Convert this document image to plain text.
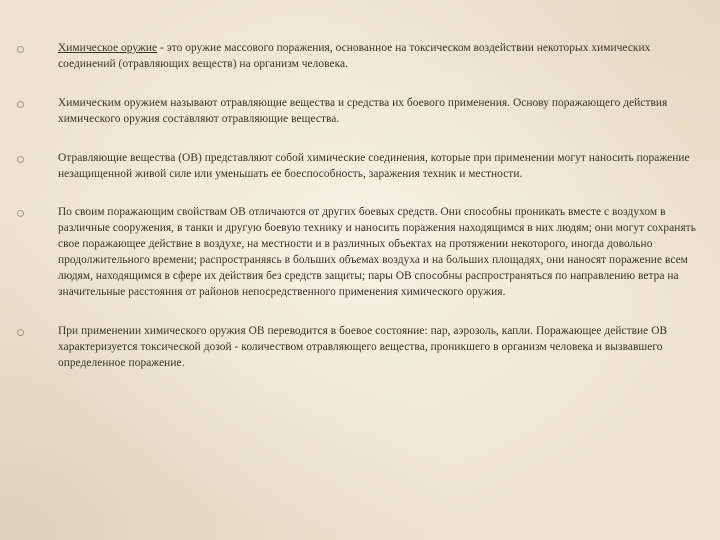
Химическое оружие - это оружие массового поражения, основанное на токсическом воздействии некоторых химических соединений (отравляющих веществ) на организм человека.
Химическим оружием называют отравляющие вещества и средства их боевого применения. Основу поражающего действия химического оружия составляют отравляющие вещества.
Отравляющие вещества (ОВ) представляют собой химические соединения, которые при применении могут наносить поражение незащищенной живой силе или уменьшать ее боеспособность, заражения техник и местности.
По своим поражающим свойствам ОВ отличаются от других боевых средств. Они способны проникать вместе с воздухом в различные сооружения, в танки и другую боевую технику и наносить поражения находящимся в них людям; они могут сохранять свое поражающее действие в воздухе, на местности и в различных объектах на протяжении некоторого, иногда довольно продолжительного времени; распространяясь в больших объемах воздуха и на больших площадях, они наносят поражение всем людям, находящимся в сфере их действия без средств защиты; пары ОВ способны распространяться по направлению ветра на значительные расстояния от районов непосредственного применения химического оружия.
При применении химического оружия ОВ переводится в боевое состояние: пар, аэрозоль, капли. Поражающее действие ОВ характеризуется токсической дозой - количеством отравляющего вещества, проникшего в организм человека и вызвавшего определенное поражение.
